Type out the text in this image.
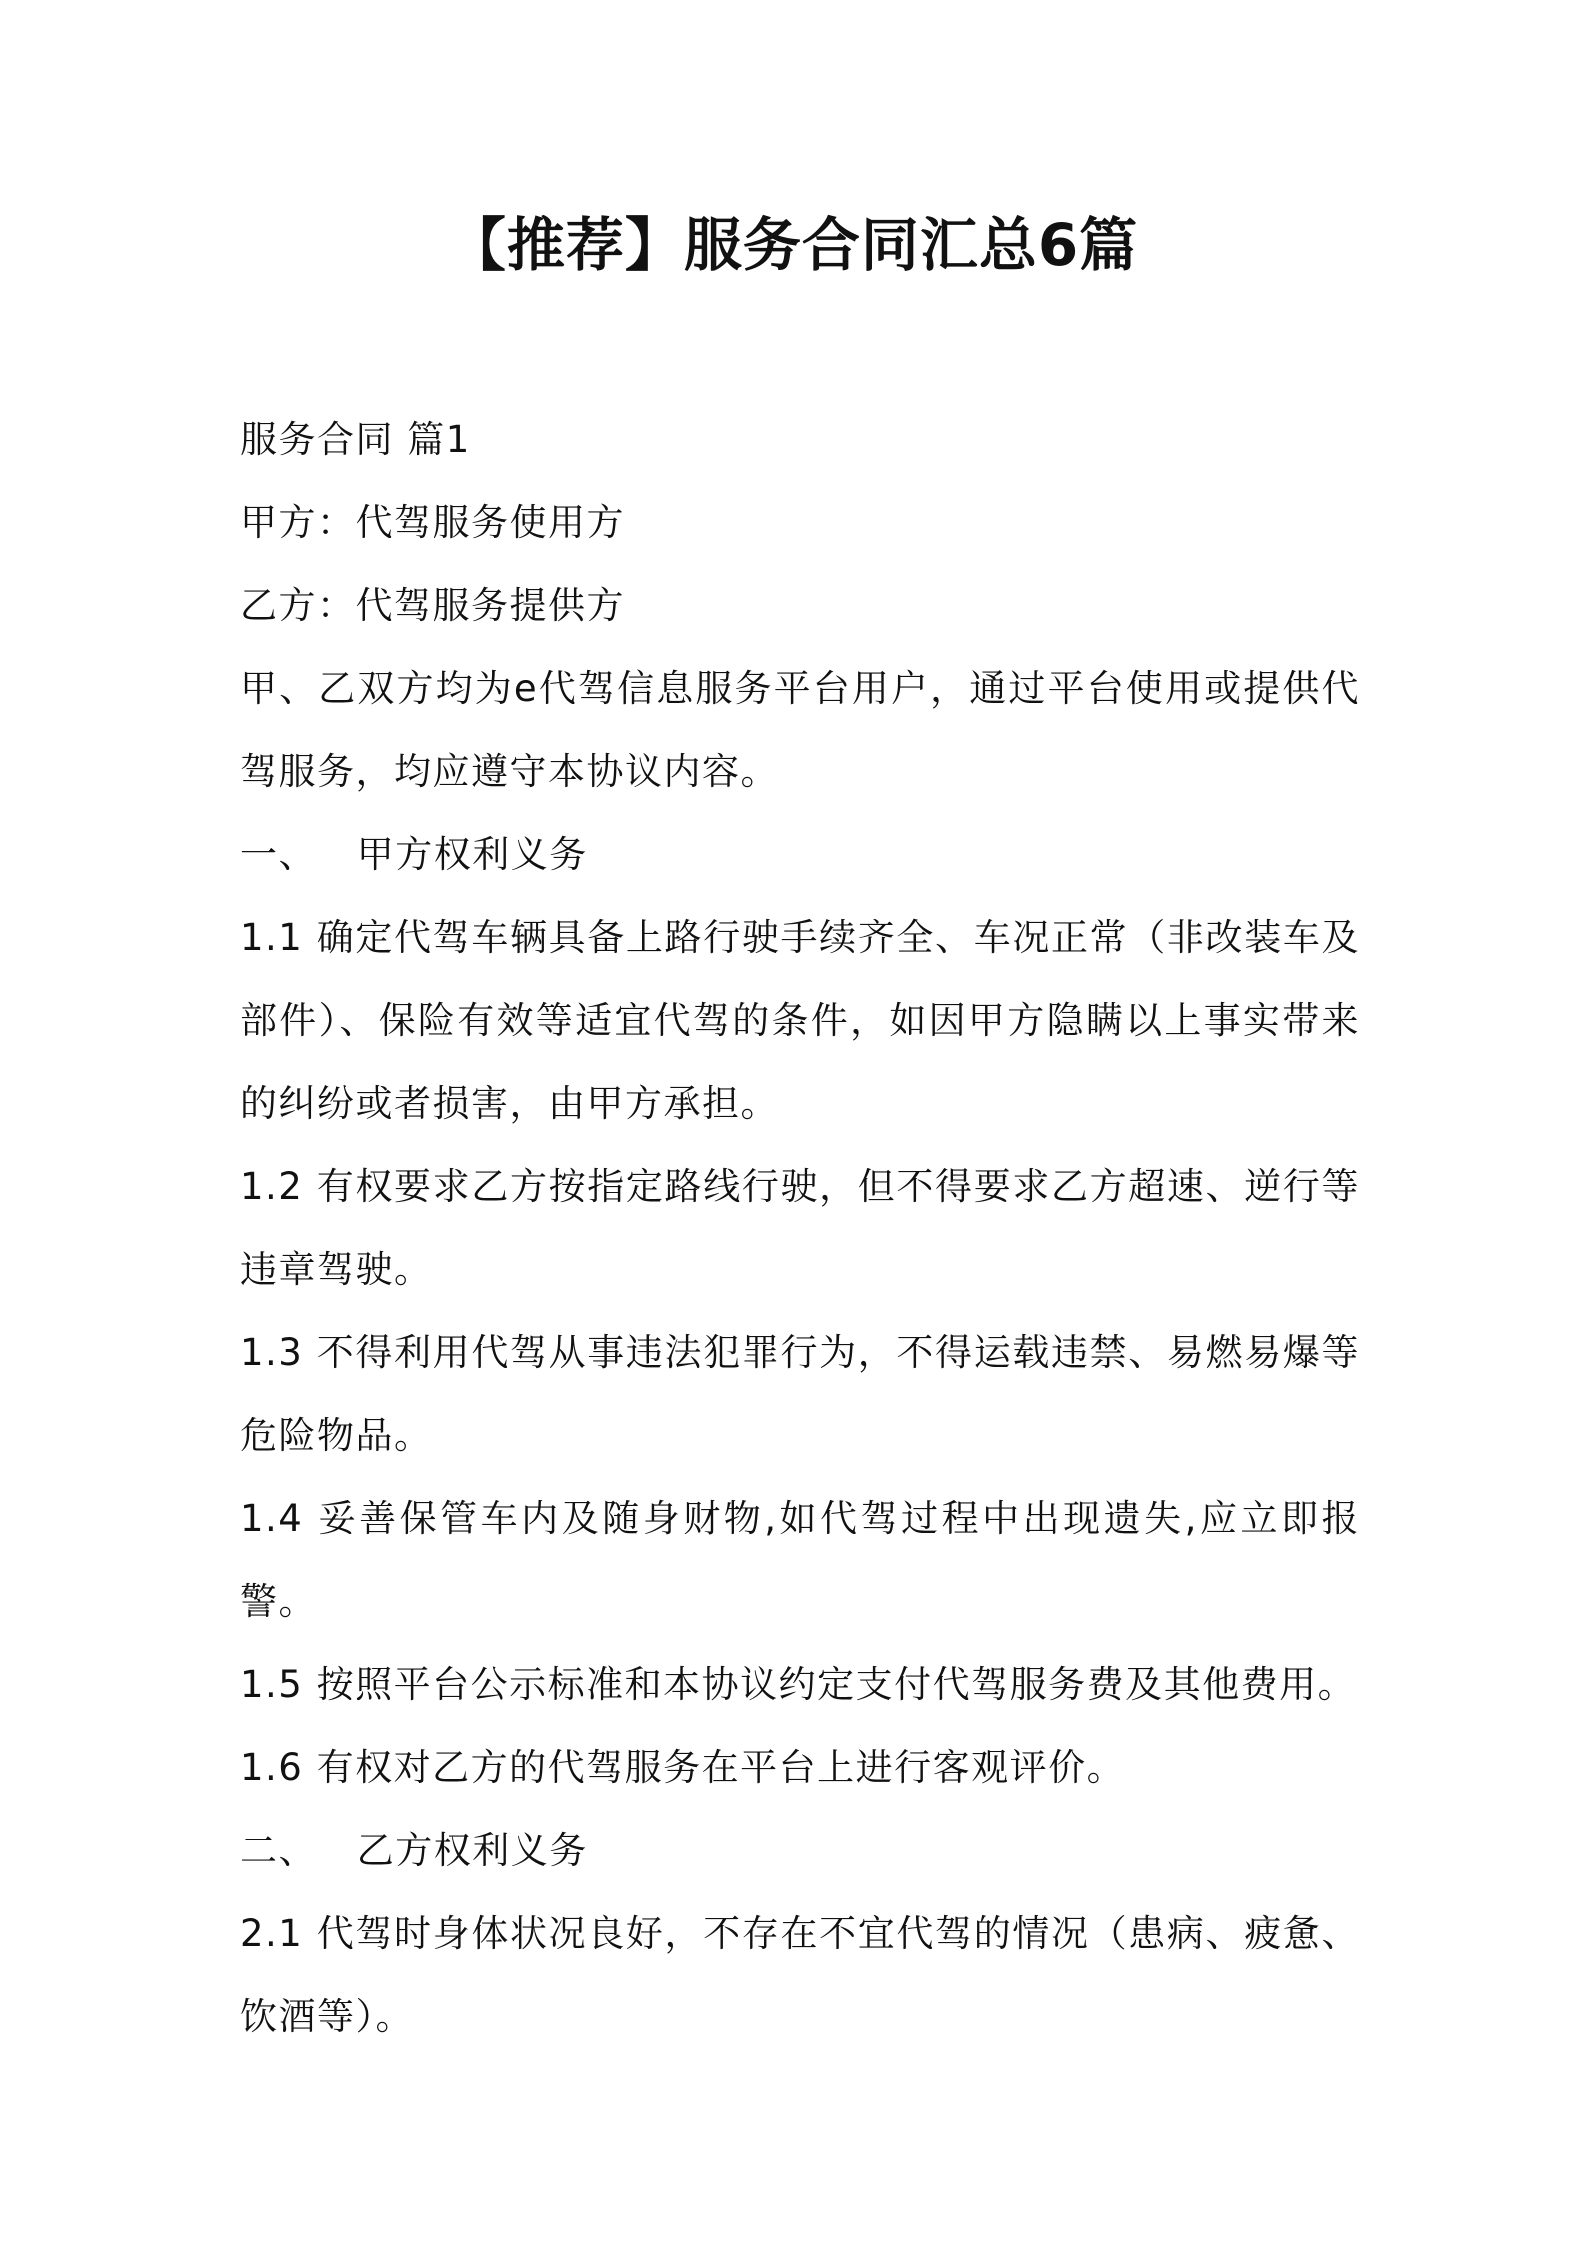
【推荐】服务合同汇总6篇

服务合同 篇1

甲方：代驾服务使用方

乙方：代驾服务提供方

甲、乙双方均为e代驾信息服务平台用户，通过平台使用或提供代驾服务，均应遵守本协议内容。

一、   甲方权利义务

1.1 确定代驾车辆具备上路行驶手续齐全、车况正常（非改装车及部件）、保险有效等适宜代驾的条件，如因甲方隐瞒以上事实带来的纠纷或者损害，由甲方承担。

1.2 有权要求乙方按指定路线行驶，但不得要求乙方超速、逆行等违章驾驶。

1.3 不得利用代驾从事违法犯罪行为，不得运载违禁、易燃易爆等危险物品。

1.4 妥善保管车内及随身财物,如代驾过程中出现遗失,应立即报警。

1.5 按照平台公示标准和本协议约定支付代驾服务费及其他费用。

1.6 有权对乙方的代驾服务在平台上进行客观评价。

二、   乙方权利义务

2.1 代驾时身体状况良好，不存在不宜代驾的情况（患病、疲惫、饮酒等）。
